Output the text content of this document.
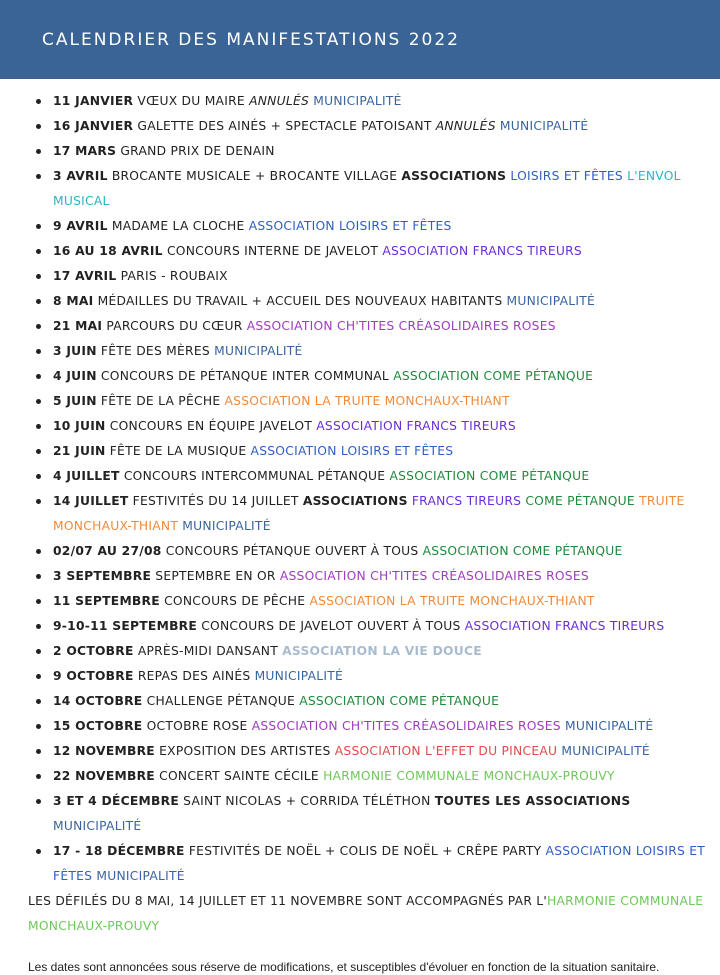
CALENDRIER DES MANIFESTATIONS 2022
11 JANVIER VŒUX DU MAIRE ANNULÉS MUNICIPALITÉ
16 JANVIER GALETTE DES AINÉS + SPECTACLE PATOISANT ANNULÉS MUNICIPALITÉ
17 MARS GRAND PRIX DE DENAIN
3 AVRIL BROCANTE MUSICALE + BROCANTE VILLAGE ASSOCIATIONS LOISIRS ET FÊTES L'ENVOL MUSICAL
9 AVRIL MADAME LA CLOCHE ASSOCIATION LOISIRS ET FÊTES
16 AU 18 AVRIL CONCOURS INTERNE DE JAVELOT ASSOCIATION FRANCS TIREURS
17 AVRIL PARIS - ROUBAIX
8 MAI MÉDAILLES DU TRAVAIL + ACCUEIL DES NOUVEAUX HABITANTS MUNICIPALITÉ
21 MAI PARCOURS DU CŒUR ASSOCIATION CH'TITES CRÉASOLIDAIRES ROSES
3 JUIN FÊTE DES MÈRES MUNICIPALITÉ
4 JUIN CONCOURS DE PÉTANQUE INTER COMMUNAL ASSOCIATION COME PÉTANQUE
5 JUIN FÊTE DE LA PÊCHE ASSOCIATION LA TRUITE MONCHAUX-THIANT
10 JUIN CONCOURS EN ÉQUIPE JAVELOT ASSOCIATION FRANCS TIREURS
21 JUIN FÊTE DE LA MUSIQUE ASSOCIATION LOISIRS ET FÊTES
4 JUILLET CONCOURS INTERCOMMUNAL PÉTANQUE ASSOCIATION COME PÉTANQUE
14 JUILLET FESTIVITÉS DU 14 JUILLET ASSOCIATIONS FRANCS TIREURS COME PÉTANQUE TRUITE MONCHAUX-THIANT MUNICIPALITÉ
02/07 AU 27/08 CONCOURS PÉTANQUE OUVERT À TOUS ASSOCIATION COME PÉTANQUE
3 SEPTEMBRE SEPTEMBRE EN OR ASSOCIATION CH'TITES CRÉASOLIDAIRES ROSES
11 SEPTEMBRE CONCOURS DE PÊCHE ASSOCIATION LA TRUITE MONCHAUX-THIANT
9-10-11 SEPTEMBRE CONCOURS DE JAVELOT OUVERT À TOUS ASSOCIATION FRANCS TIREURS
2 OCTOBRE APRÈS-MIDI DANSANT ASSOCIATION LA VIE DOUCE
9 OCTOBRE REPAS DES AINÉS MUNICIPALITÉ
14 OCTOBRE CHALLENGE PÉTANQUE ASSOCIATION COME PÉTANQUE
15 OCTOBRE OCTOBRE ROSE ASSOCIATION CH'TITES CRÉASOLIDAIRES ROSES MUNICIPALITÉ
12 NOVEMBRE EXPOSITION DES ARTISTES ASSOCIATION L'EFFET DU PINCEAU MUNICIPALITÉ
22 NOVEMBRE CONCERT SAINTE CÉCILE HARMONIE COMMUNALE MONCHAUX-PROUVY
3 ET 4 DÉCEMBRE SAINT NICOLAS + CORRIDA TÉLÉTHON TOUTES LES ASSOCIATIONS MUNICIPALITÉ
17 - 18 DÉCEMBRE FESTIVITÉS DE NOËL + COLIS DE NOËL + CRÊPE PARTY ASSOCIATION LOISIRS ET FÊTES MUNICIPALITÉ

LES DÉFILÉS DU 8 MAI, 14 JUILLET ET 11 NOVEMBRE SONT ACCOMPAGNÉS PAR L'HARMONIE COMMUNALE MONCHAUX-PROUVY

Les dates sont annoncées sous réserve de modifications, et susceptibles d'évoluer en fonction de la situation sanitaire.
